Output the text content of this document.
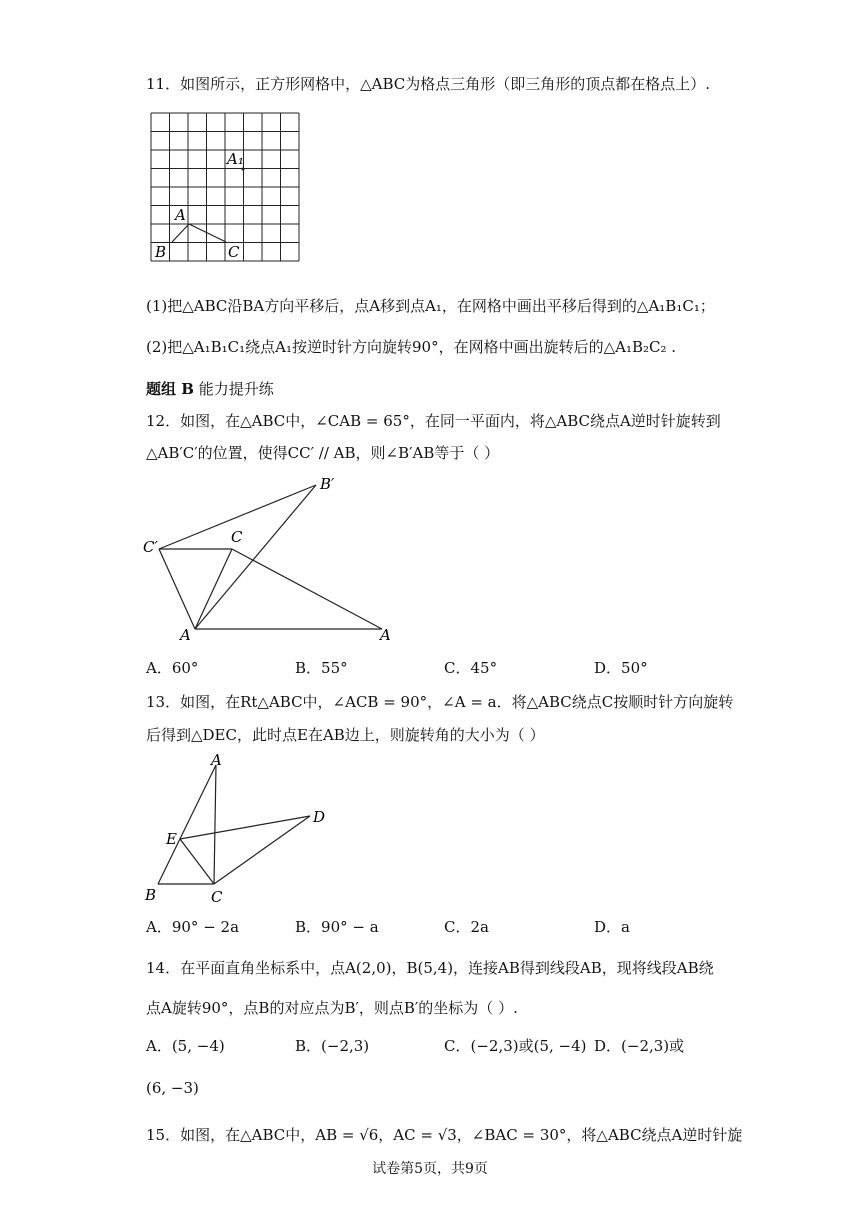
11．如图所示，正方形网格中，△ABC为格点三角形（即三角形的顶点都在格点上）.
A₁
A
B	C
(1)把△ABC沿BA方向平移后，点A移到点A₁，在网格中画出平移后得到的△A₁B₁C₁；
(2)把△A₁B₁C₁绕点A₁按逆时针方向旋转90°，在网格中画出旋转后的△A₁B₂C₂ .
题组 B 能力提升练
12．如图，在△ABC中，∠CAB = 65°，在同一平面内，将△ABC绕点A逆时针旋转到
△AB′C′的位置，使得CC′ // AB，则∠B′AB等于（ ）
B′
C′
C
A	A
A．60°	B．55°	C．45°	D．50°
13．如图，在Rt△ABC中，∠ACB = 90°，∠A = a．将△ABC绕点C按顺时针方向旋转
后得到△DEC，此时点E在AB边上，则旋转角的大小为（ ）
A
D
E
B	C
A．90° − 2a	B．90° − a	C．2a	D．a
14．在平面直角坐标系中，点A(2,0)，B(5,4)，连接AB得到线段AB，现将线段AB绕
点A旋转90°，点B的对应点为B′，则点B′的坐标为（ ）.
A．(5, −4)	B．(−2,3)	C．(−2,3)或(5, −4) D．(−2,3)或
(6, −3)
15．如图，在△ABC中，AB = √6，AC = √3，∠BAC = 30°，将△ABC绕点A逆时针旋
试卷第5页，共9页
